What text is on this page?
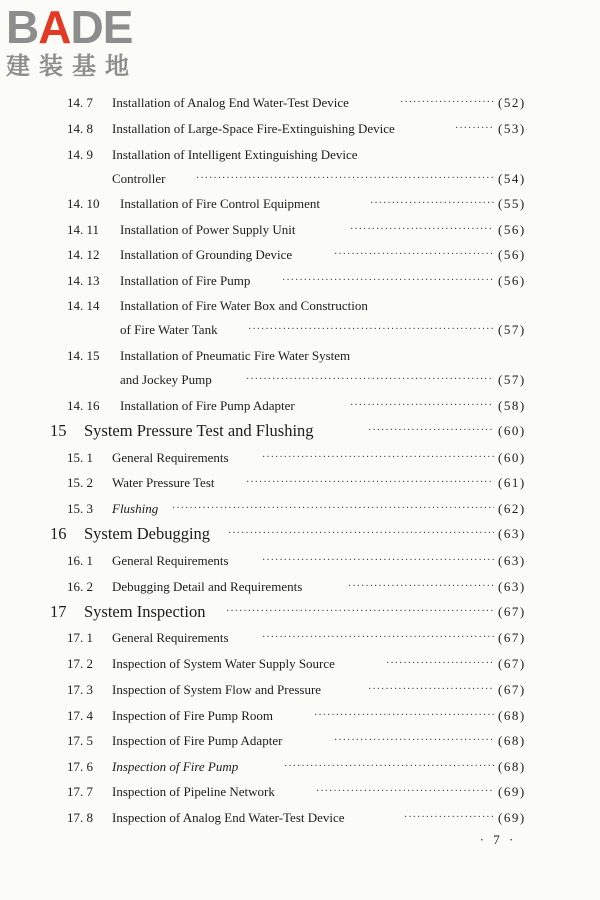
BADE
建装基地
14. 7 Installation of Analog End Water-Test Device ·····	(52)
14. 8 Installation of Large-Space Fire-Extinguishing Device ·····	(53)
14. 9 Installation of Intelligent Extinguishing Device
Controller ·····	(54)
14. 10 Installation of Fire Control Equipment ·····	(55)
14. 11 Installation of Power Supply Unit ·····	(56)
14. 12 Installation of Grounding Device ·····	(56)
14. 13 Installation of Fire Pump ·····	(56)
14. 14 Installation of Fire Water Box and Construction
of Fire Water Tank ·····	(57)
14. 15 Installation of Pneumatic Fire Water System
and Jockey Pump ·····	(57)
14. 16 Installation of Fire Pump Adapter ·····	(58)
15 System Pressure Test and Flushing ·····	(60)
15. 1 General Requirements ·····	(60)
15. 2 Water Pressure Test ·····	(61)
15. 3 Flushing ·····	(62)
16 System Debugging ·····	(63)
16. 1 General Requirements ·····	(63)
16. 2 Debugging Detail and Requirements ·····	(63)
17 System Inspection ·····	(67)
17. 1 General Requirements ·····	(67)
17. 2 Inspection of System Water Supply Source ·····	(67)
17. 3 Inspection of System Flow and Pressure ·····	(67)
17. 4 Inspection of Fire Pump Room ·····	(68)
17. 5 Inspection of Fire Pump Adapter ·····	(68)
17. 6 Inspection of Fire Pump ·····	(68)
17. 7 Inspection of Pipeline Network ·····	(69)
17. 8 Inspection of Analog End Water-Test Device ·····	(69)
· 7 ·
